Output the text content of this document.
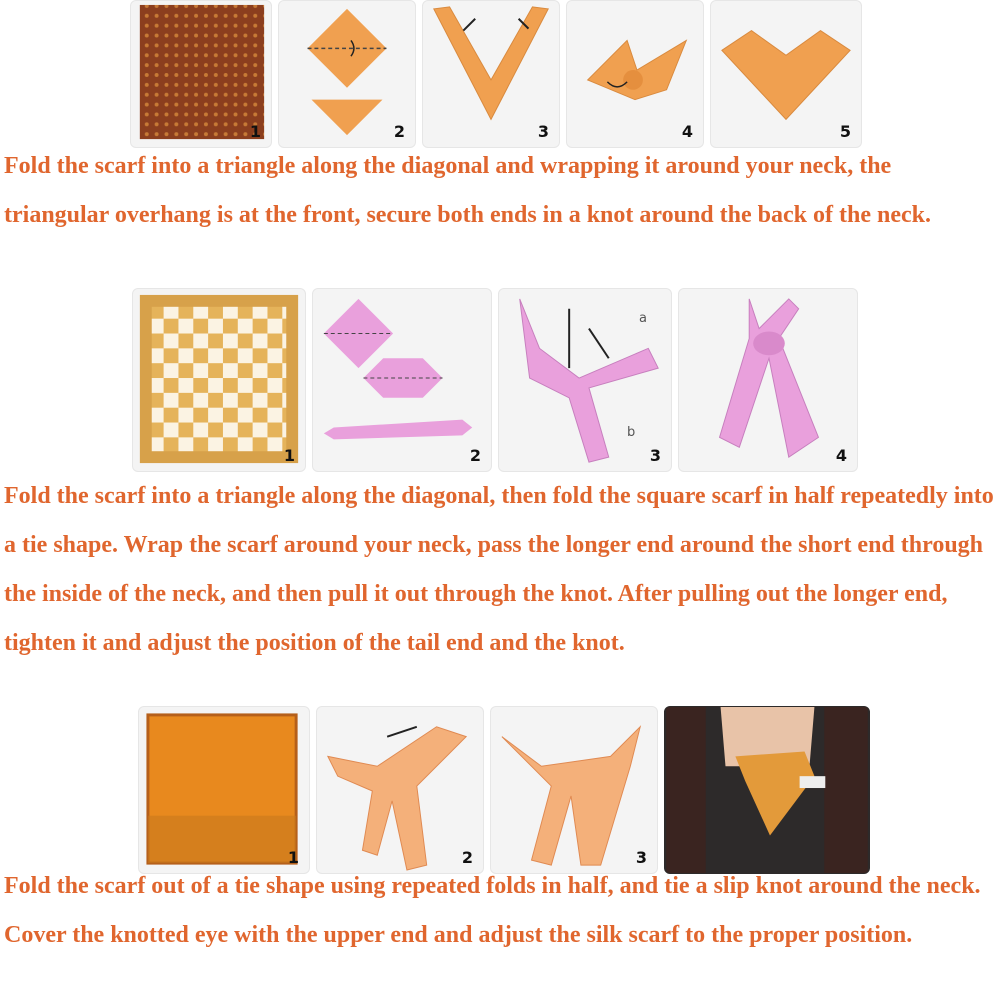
1	2	3	4	5

Fold the scarf into a triangle along the diagonal and wrapping it around your neck, the triangular overhang is at the front, secure both ends in a knot around the back of the neck.

1	2
a
b
3	4

Fold the scarf into a triangle along the diagonal, then fold the square scarf in half repeatedly into a tie shape. Wrap the scarf around your neck, pass the longer end around the short end through the inside of the neck, and then pull it out through the knot. After pulling out the longer end, tighten it and adjust the position of the tail end and the knot.

1	2	3

Fold the scarf out of a tie shape using repeated folds in half, and tie a slip knot around the neck. Cover the knotted eye with the upper end and adjust the silk scarf to the proper position.
